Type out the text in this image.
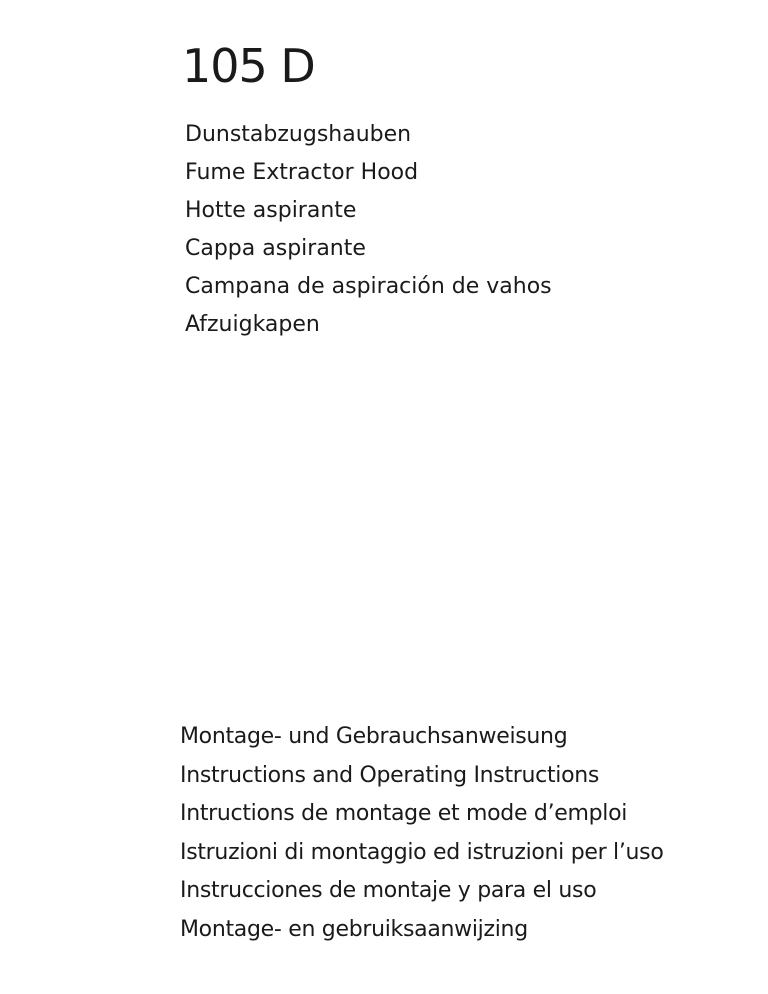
105 D
Dunstabzugshauben
Fume Extractor Hood
Hotte aspirante
Cappa aspirante
Campana de aspiración de vahos
Afzuigkapen
Montage- und Gebrauchsanweisung
Instructions and Operating Instructions
Intructions de montage et mode d’emploi
Istruzioni di montaggio ed istruzioni per l’uso
Instrucciones de montaje y para el uso
Montage- en gebruiksaanwijzing
